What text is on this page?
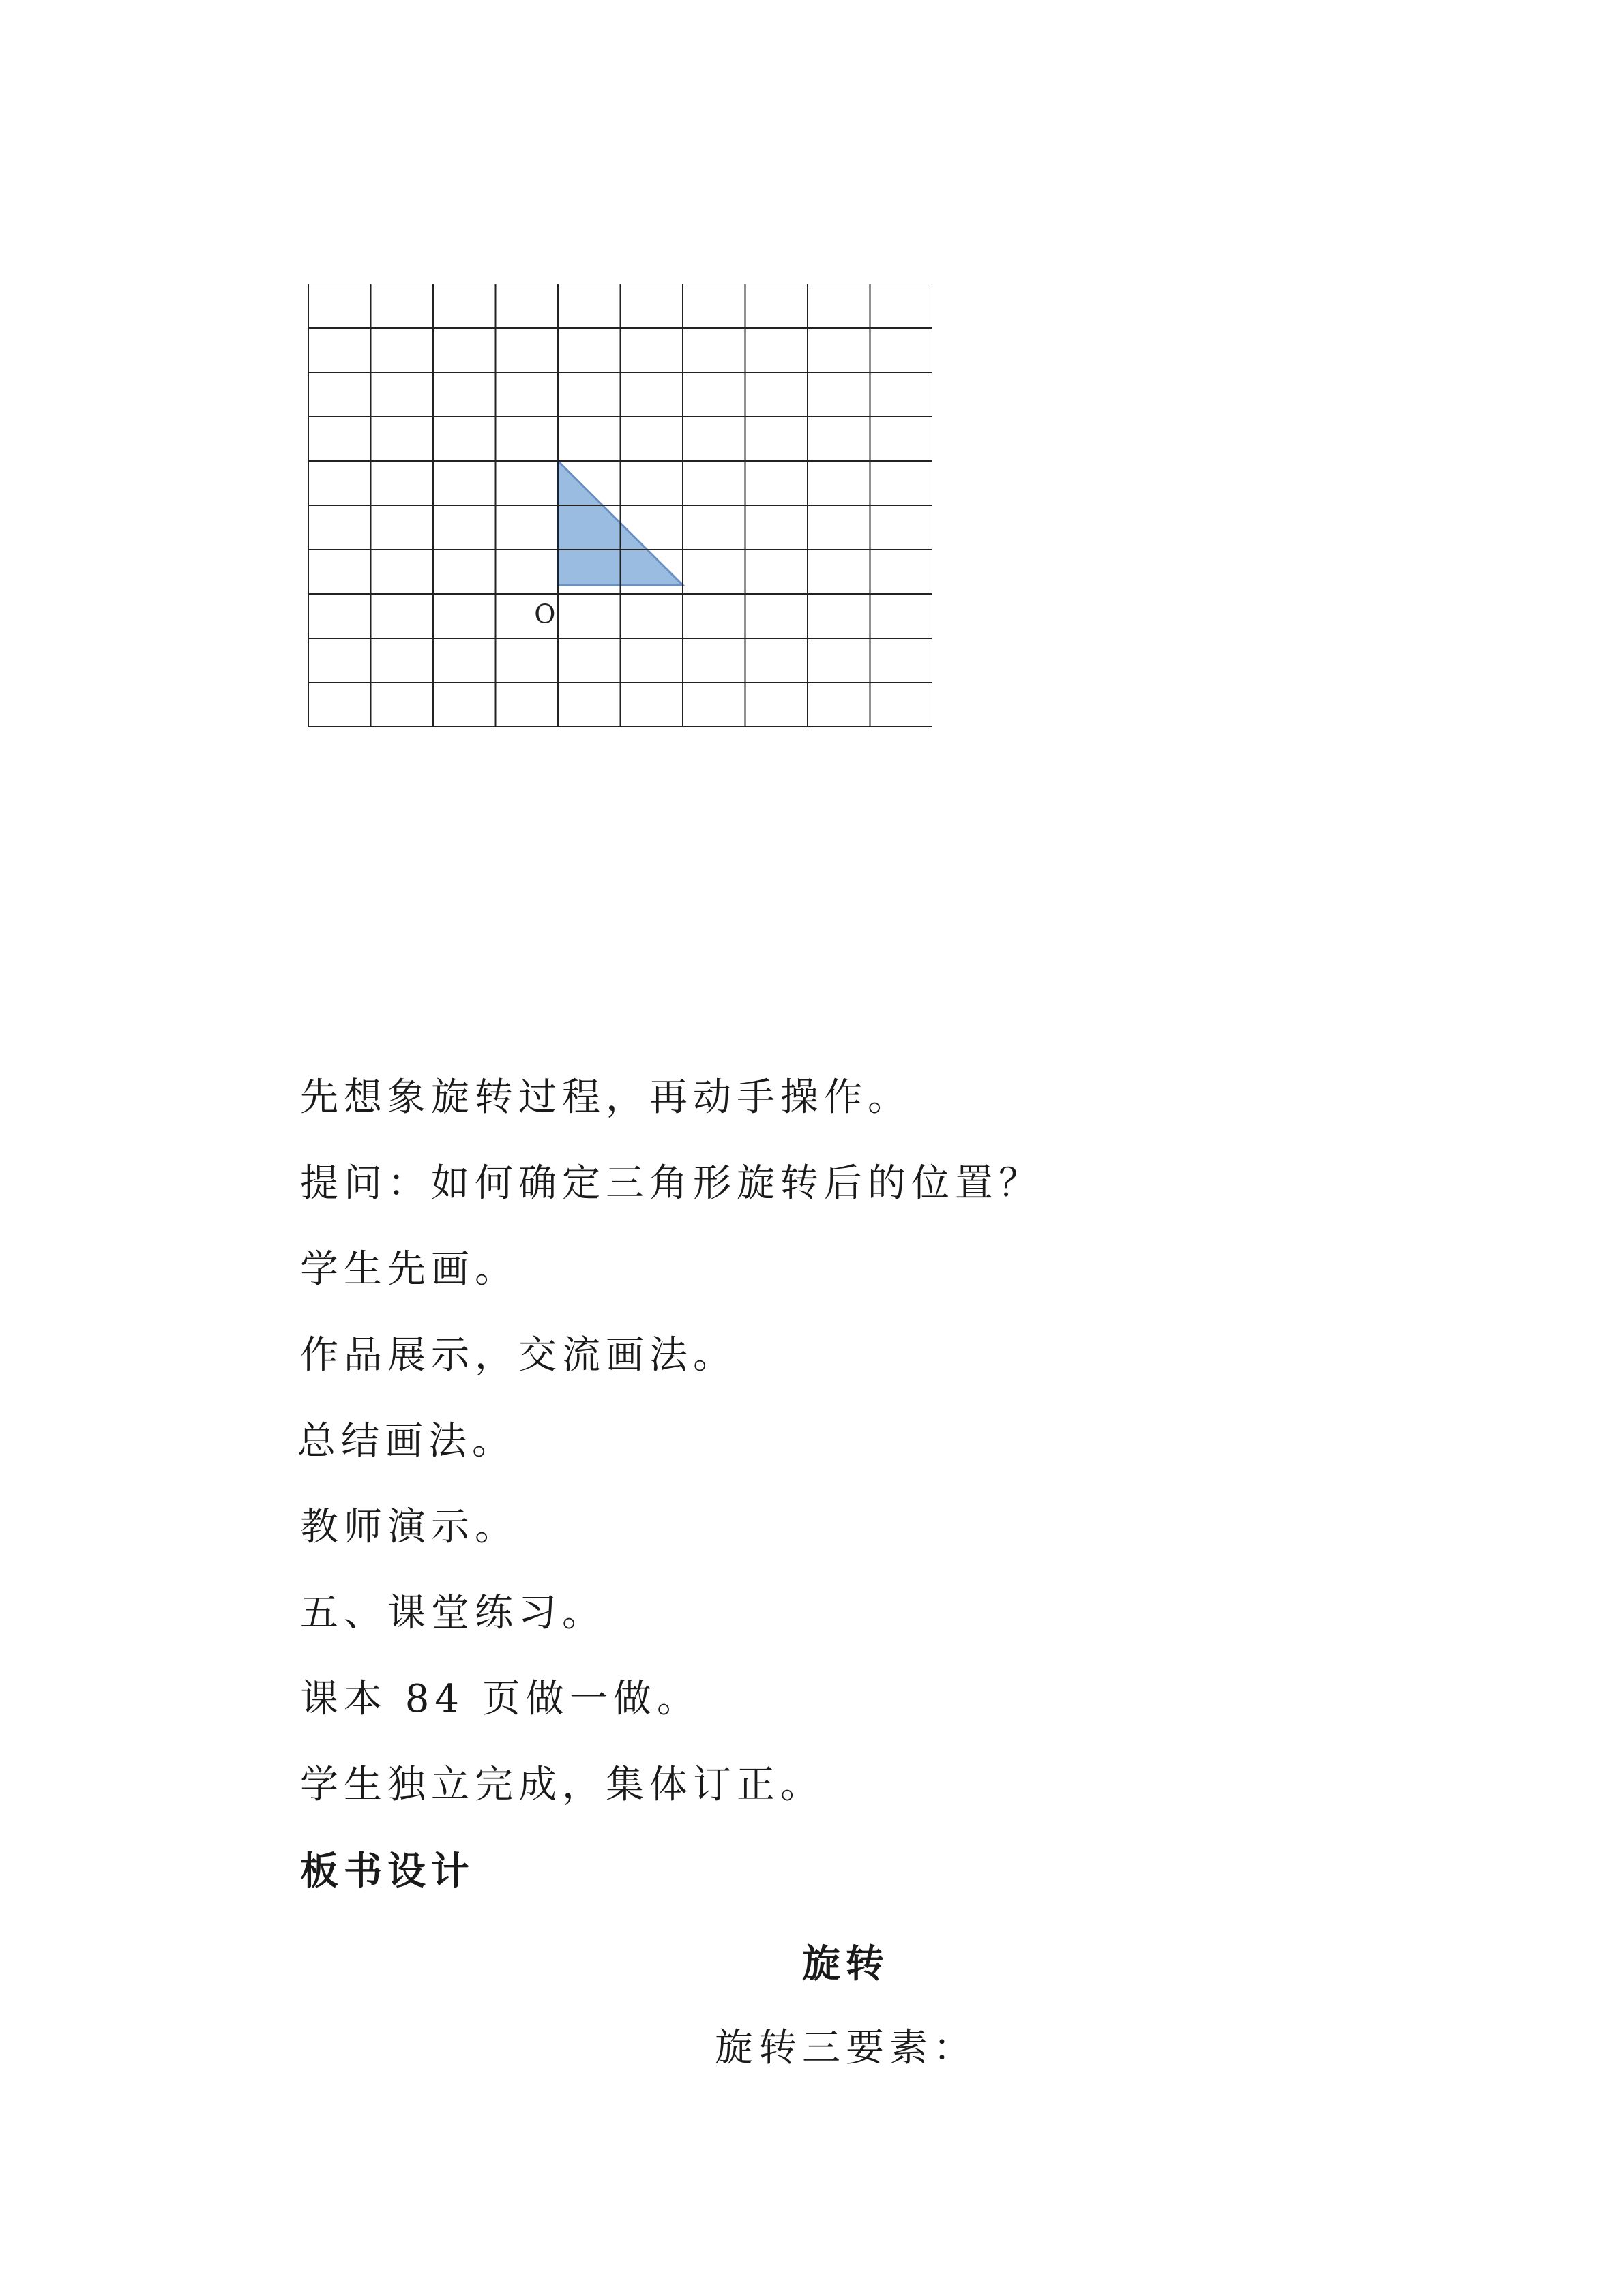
O
先想象旋转过程，再动手操作。
提问：如何确定三角形旋转后的位置？
学生先画。
作品展示，交流画法。
总结画法。
教师演示。
五、课堂练习。
课本 84 页做一做。
学生独立完成，集体订正。
板书设计
旋转
旋转三要素：
